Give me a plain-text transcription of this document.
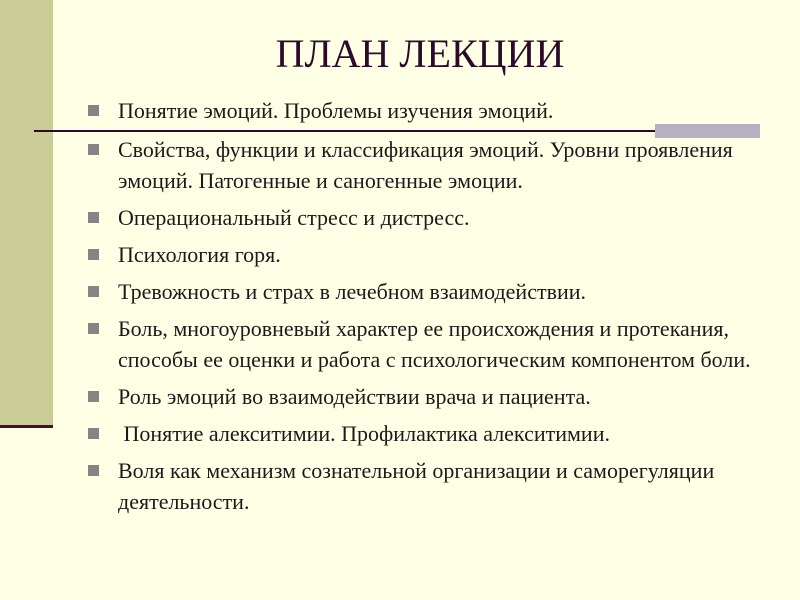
ПЛАН ЛЕКЦИИ
Понятие эмоций. Проблемы изучения эмоций.
Свойства, функции и классификация эмоций. Уровни проявления эмоций. Патогенные и саногенные эмоции.
Операциональный стресс и дистресс.
Психология горя.
Тревожность и страх в лечебном взаимодействии.
Боль, многоуровневый характер ее происхождения и протекания, способы ее оценки и работа с психологическим компонентом боли.
Роль эмоций во взаимодействии врача и пациента.
Понятие алекситимии. Профилактика алекситимии.
Воля как механизм сознательной организации и саморегуляции деятельности.
